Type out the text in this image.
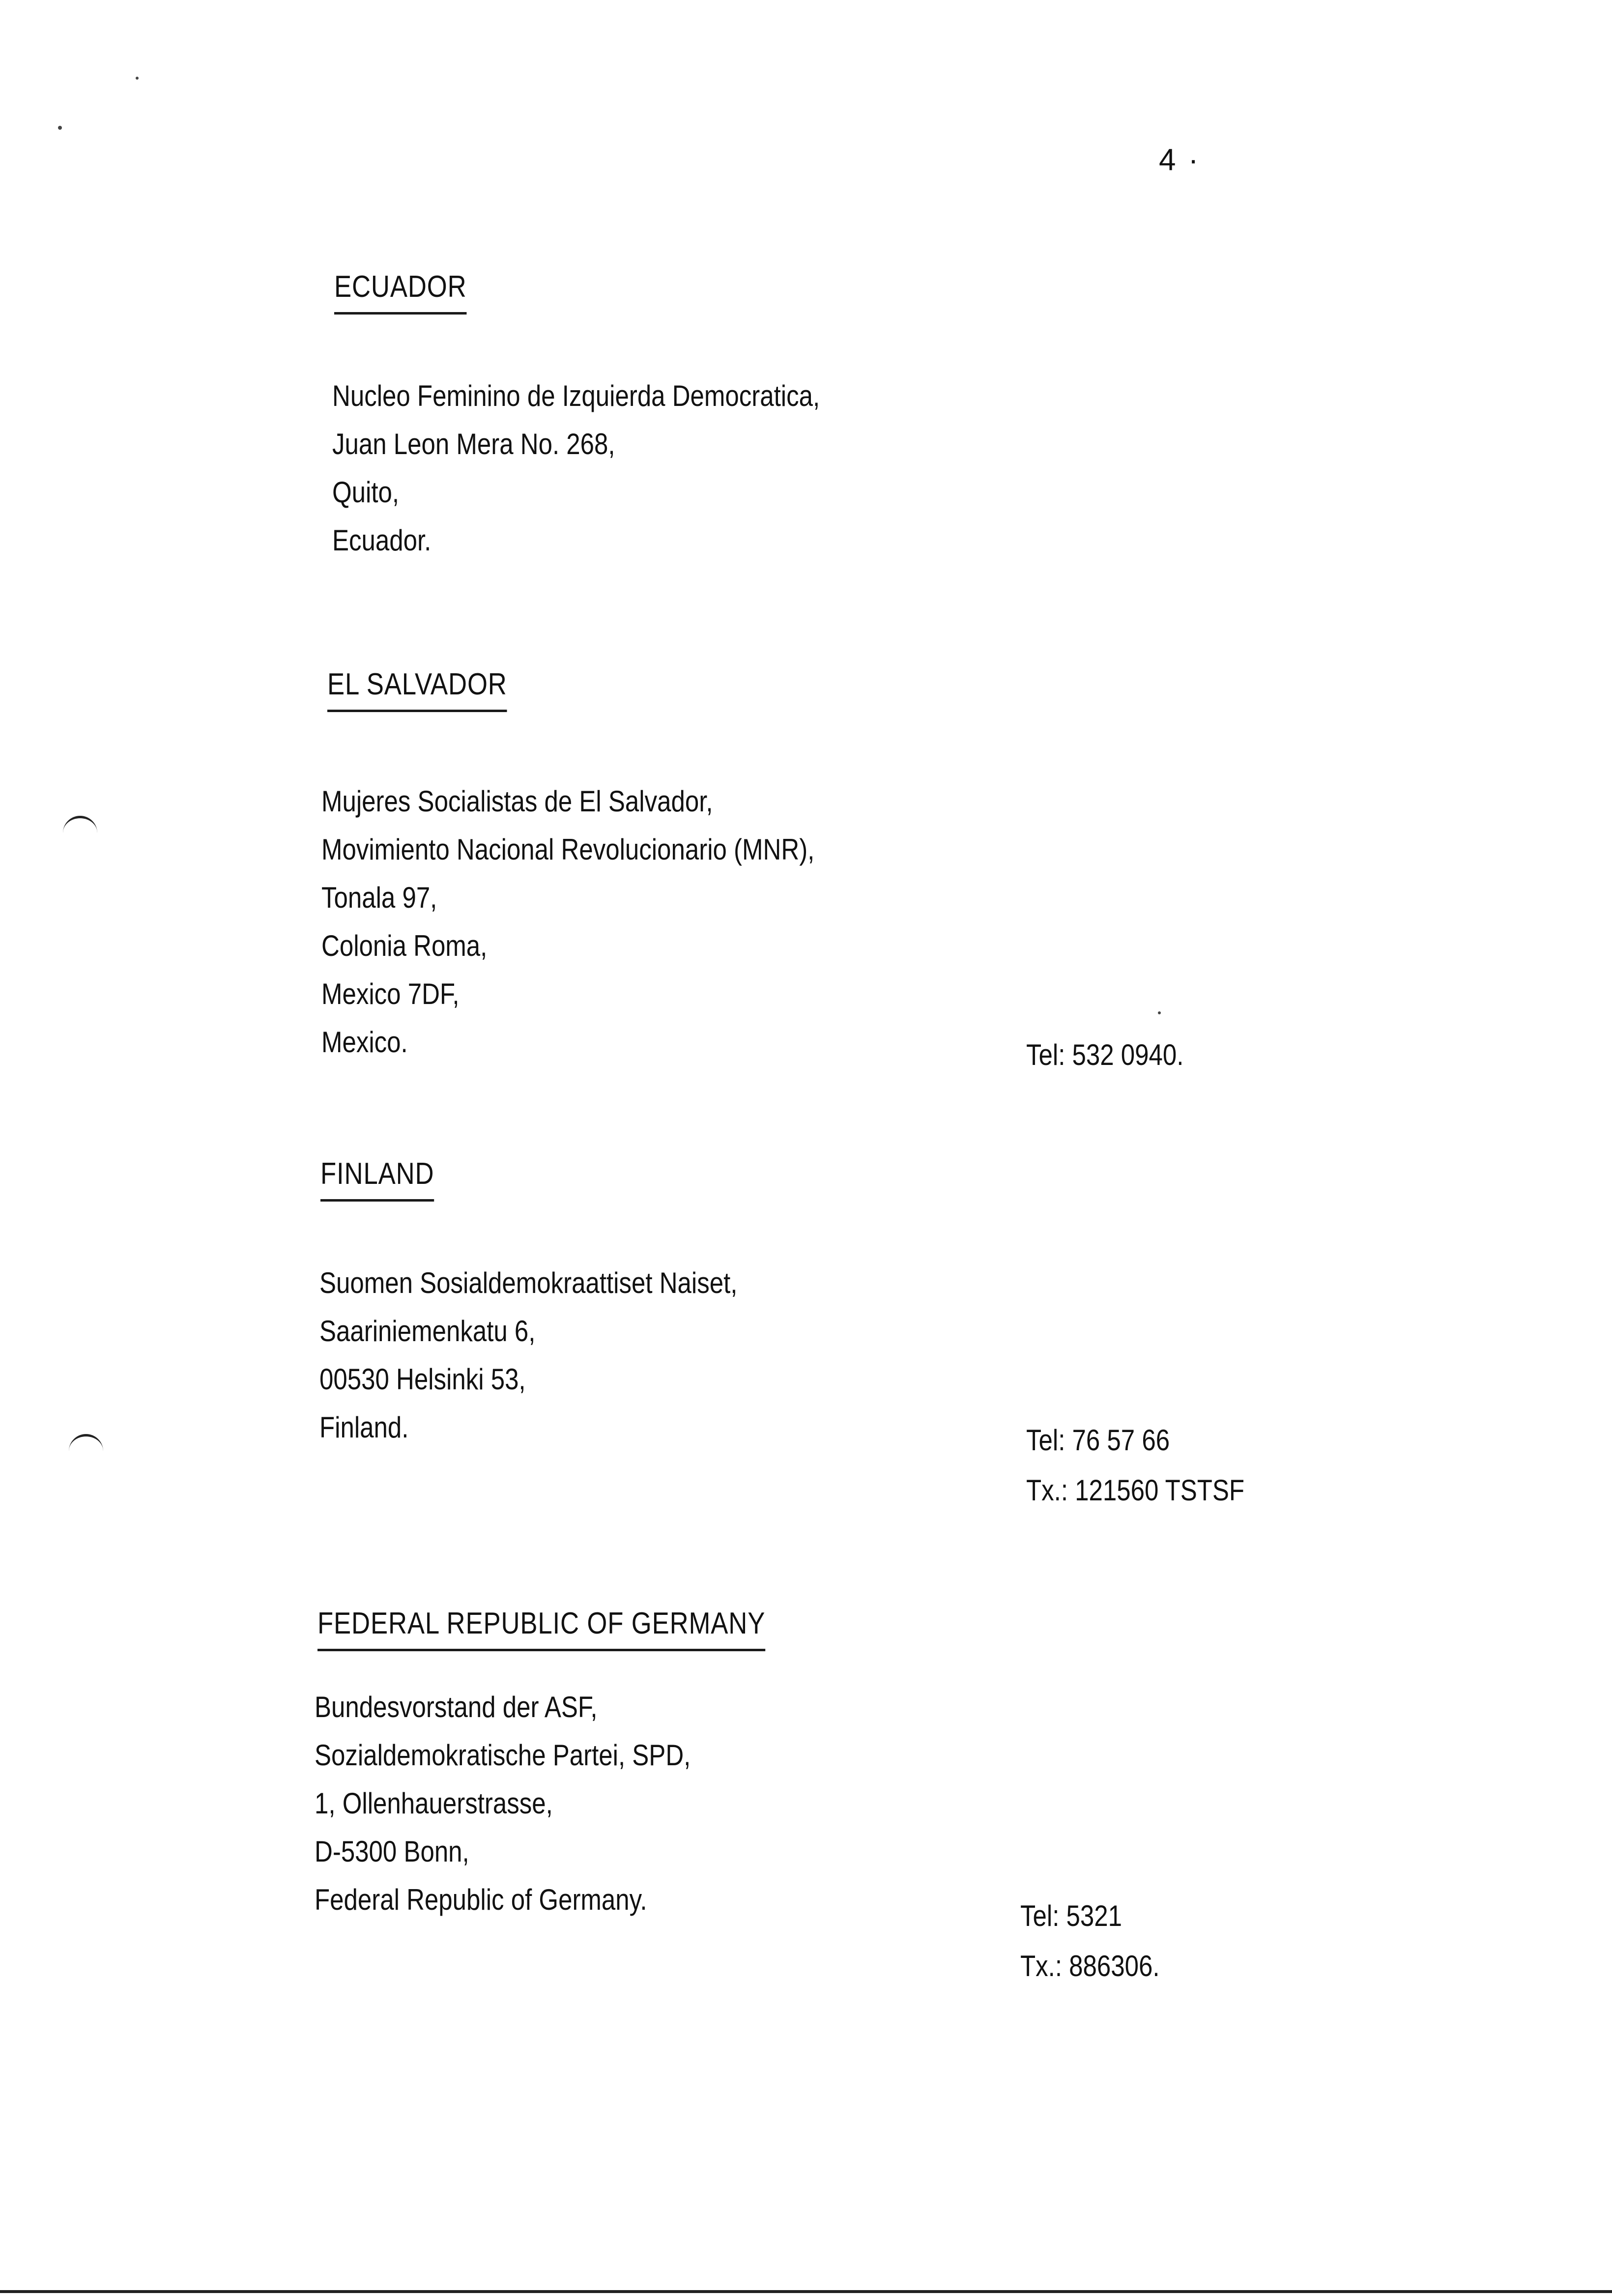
4 ·
ECUADOR
Nucleo Feminino de Izquierda Democratica,
Juan Leon Mera No. 268,
Quito,
Ecuador.
EL SALVADOR
Mujeres Socialistas de El Salvador,
Movimiento Nacional Revolucionario (MNR),
Tonala 97,
Colonia Roma,
Mexico 7DF,
Mexico.	Tel: 532 0940.
FINLAND
Suomen Sosialdemokraattiset Naiset,
Saariniemenkatu 6,
00530 Helsinki 53,
Finland.	Tel: 76 57 66
Tx.: 121560 TSTSF
FEDERAL REPUBLIC OF GERMANY
Bundesvorstand der ASF,
Sozialdemokratische Partei, SPD,
1, Ollenhauerstrasse,
D-5300 Bonn,
Federal Republic of Germany.	Tel: 5321
Tx.: 886306.
